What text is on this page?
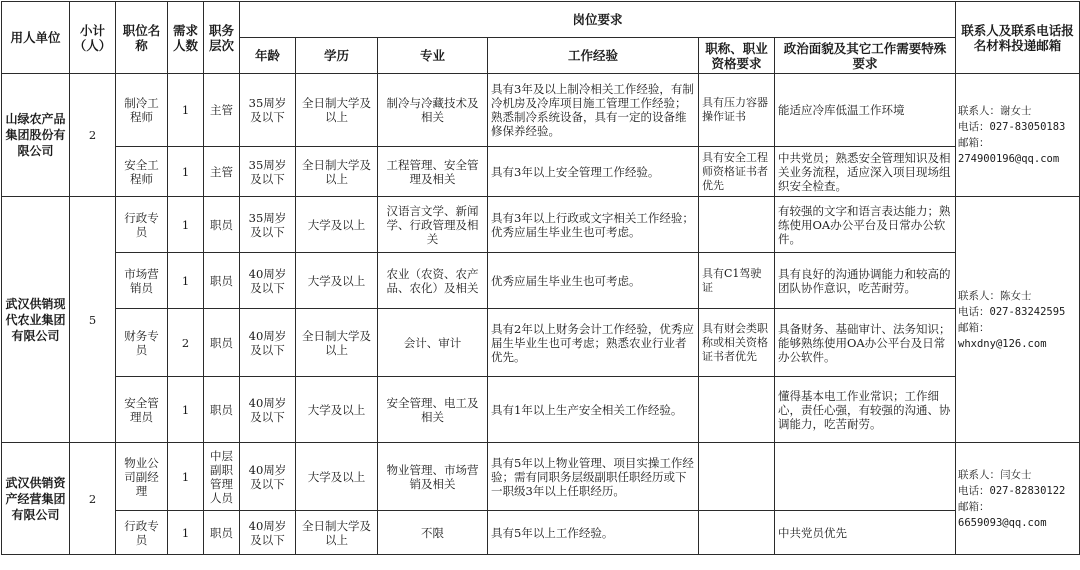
用人单位	小计（人）	职位名称	需求人数	职务层次	岗位要求						联系人及联系电话报名材料投递邮箱
					年龄	学历	专业	工作经验	职称、职业资格要求	政治面貌及其它工作需要特殊要求	
山绿农产品集团股份有限公司	2	制冷工程师	1	主管	35周岁及以下	全日制大学及以上	制冷与冷藏技术及相关	具有3年及以上制冷相关工作经验，有制冷机房及冷库项目施工管理工作经验；熟悉制冷系统设备，具有一定的设备维修保养经验。	具有压力容器操作证书	能适应冷库低温工作环境	联系人：谢女士
电话：027-83050183
邮箱：274900196@qq.com
		安全工程师	1	主管	35周岁及以下	全日制大学及以上	工程管理、安全管理及相关	具有3年以上安全管理工作经验。	具有安全工程师资格证书者优先	中共党员；熟悉安全管理知识及相关业务流程，适应深入项目现场组织安全检查。	
武汉供销现代农业集团有限公司	5	行政专员	1	职员	35周岁及以下	大学及以上	汉语言文学、新闻学、行政管理及相关	具有3年以上行政或文字相关工作经验；优秀应届生毕业生也可考虑。		有较强的文字和语言表达能力；熟练使用OA办公平台及日常办公软件。	联系人：陈女士
电话：027-83242595
邮箱：
whxdny@126.com
		市场营销员	1	职员	40周岁及以下	大学及以上	农业（农资、农产品、农化）及相关	优秀应届生毕业生也可考虑。	具有C1驾驶证	具有良好的沟通协调能力和较高的团队协作意识，吃苦耐劳。	
		财务专员	2	职员	40周岁及以下	全日制大学及以上	会计、审计	具有2年以上财务会计工作经验，优秀应届生毕业生也可考虑；熟悉农业行业者优先。	具有财会类职称或相关资格证书者优先	具备财务、基础审计、法务知识；能够熟练使用OA办公平台及日常办公软件。	
		安全管理员	1	职员	40周岁及以下	大学及以上	安全管理、电工及相关	具有1年以上生产安全相关工作经验。		懂得基本电工作业常识；工作细心，责任心强，有较强的沟通、协调能力，吃苦耐劳。	
武汉供销资产经营集团有限公司	2	物业公司副经理	1	中层副职管理人员	40周岁及以下	大学及以上	物业管理、市场营销及相关	具有5年以上物业管理、项目实操工作经验；需有同职务层级副职任职经历或下一职级3年以上任职经历。			联系人：闫女士
电话：027-82830122
邮箱：
665909З@qq.com
		行政专员	1	职员	40周岁及以下	全日制大学及以上	不限	具有5年以上工作经验。		中共党员优先	
